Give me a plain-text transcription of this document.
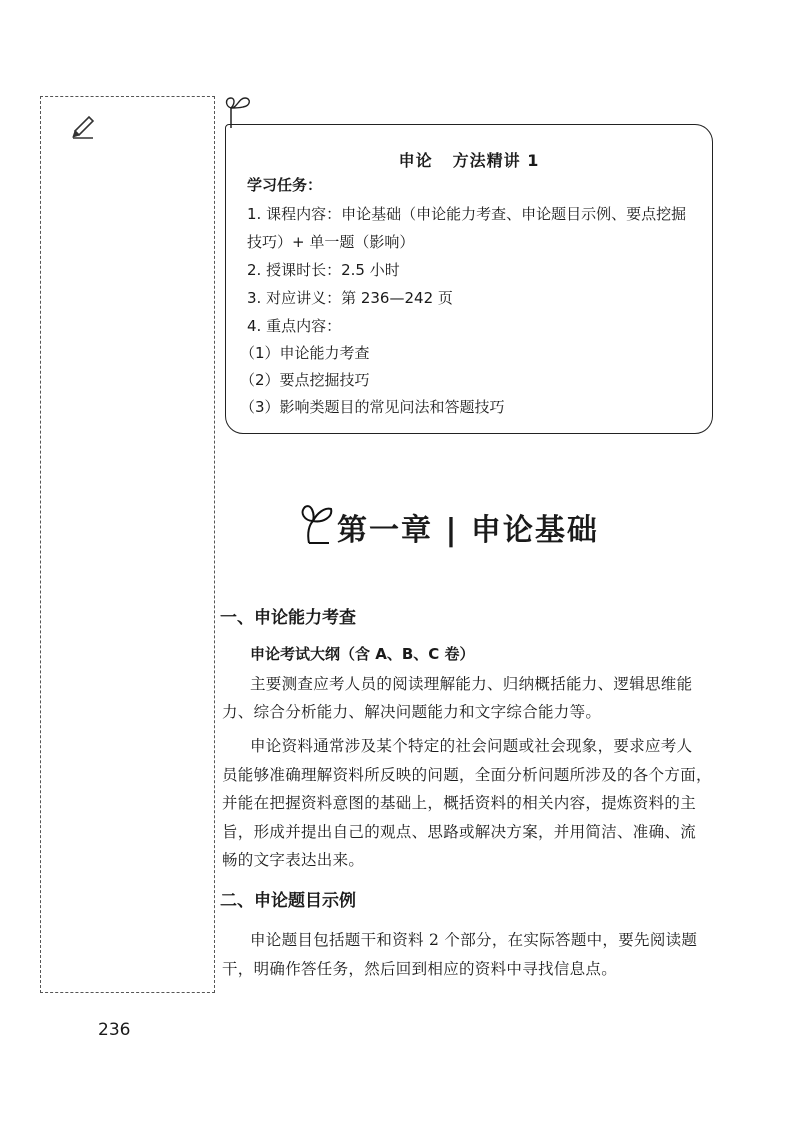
申论 方法精讲 1
学习任务：
1. 课程内容：申论基础（申论能力考查、申论题目示例、要点挖掘
技巧）+ 单一题（影响）
2. 授课时长：2.5 小时
3. 对应讲义：第 236—242 页
4. 重点内容：
（1）申论能力考查
（2）要点挖掘技巧
（3）影响类题目的常见问法和答题技巧
第一章 | 申论基础
一、申论能力考查
申论考试大纲（含 A、B、C 卷）
主要测查应考人员的阅读理解能力、归纳概括能力、逻辑思维能
力、综合分析能力、解决问题能力和文字综合能力等。
申论资料通常涉及某个特定的社会问题或社会现象，要求应考人
员能够准确理解资料所反映的问题，全面分析问题所涉及的各个方面，
并能在把握资料意图的基础上，概括资料的相关内容，提炼资料的主
旨，形成并提出自己的观点、思路或解决方案，并用简洁、准确、流
畅的文字表达出来。
二、申论题目示例
申论题目包括题干和资料 2 个部分，在实际答题中，要先阅读题
干，明确作答任务，然后回到相应的资料中寻找信息点。
236
